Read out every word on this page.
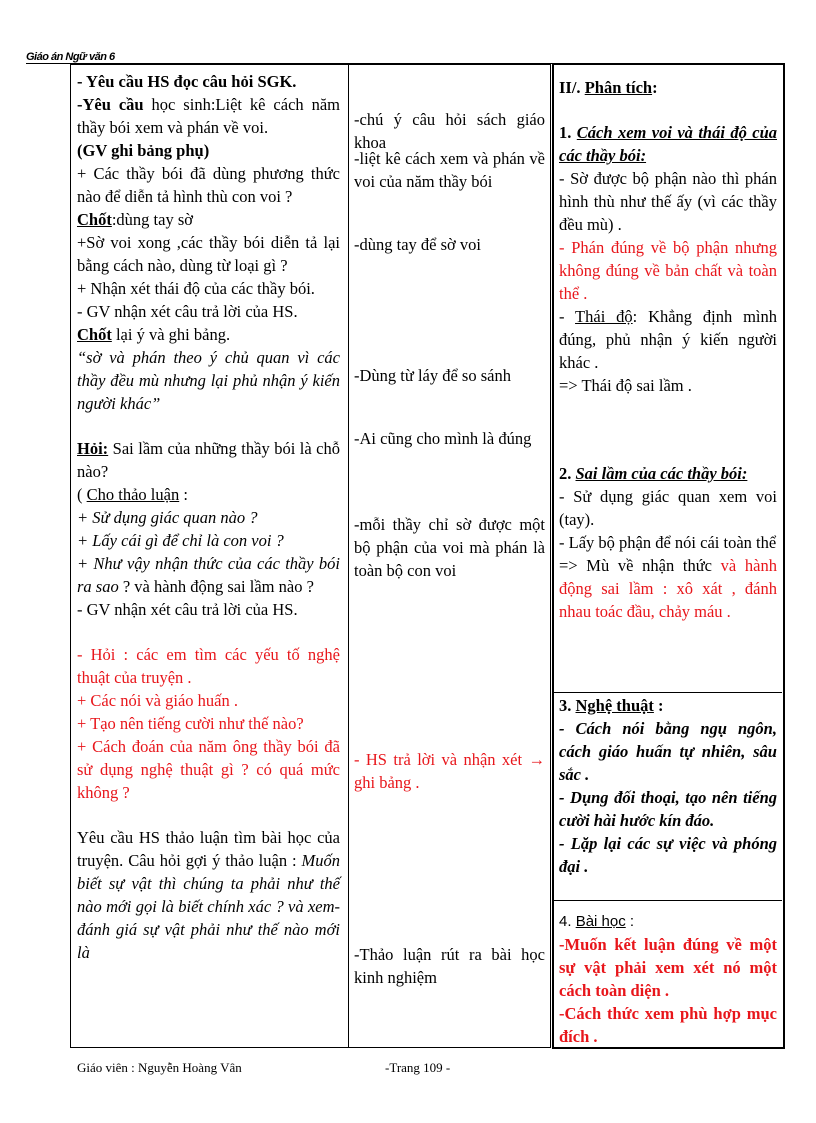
Giáo án Ngữ văn 6

- Yêu cầu HS đọc câu hỏi SGK.

-Yêu cầu học sinh:Liệt kê cách năm thầy bói xem và phán về voi.

(GV ghi bảng phụ)

+ Các thầy bói đã dùng phương thức nào để diễn tả hình thù con voi ?

Chốt:dùng tay sờ

+Sờ voi xong ,các thầy bói diễn tả lại bằng cách nào, dùng từ loại gì ?

+ Nhận xét thái độ của các thầy bói.

- GV nhận xét câu trả lời của HS.

Chốt lại ý và ghi bảng.

“sờ và phán theo ý chủ quan vì các thầy đều mù nhưng lại phủ nhận ý kiến người khác”

Hỏi: Sai lầm của những thầy bói là chỗ nào?

( Cho thảo luận :

+ Sử dụng giác quan nào ?

+ Lấy cái gì để chỉ là con voi ?

+ Như vậy nhận thức của các thầy bói ra sao ? và hành động sai lầm nào ?

- GV nhận xét câu trả lời của HS.

- Hỏi : các em tìm các yếu tố nghệ thuật của truyện .

+ Các nói và giáo huấn .

+ Tạo nên tiếng cười như thế nào?

+ Cách đoán của năm ông thầy bói đã sử dụng nghệ thuật gì ? có quá mức không ?

Yêu cầu HS thảo luận tìm bài học của truyện. Câu hỏi gợi ý thảo luận : Muốn biết sự vật thì chúng ta phải như thế nào mới gọi là biết chính xác ? và xem-đánh giá sự vật phải như thế nào mới là

-chú ý câu hỏi sách giáo khoa
-liệt kê cách xem và phán về voi của năm thầy bói
-dùng tay để sờ voi
-Dùng từ láy để so sánh
-Ai cũng cho mình là đúng
-mỗi thầy chỉ sờ được một bộ phận của voi mà phán là toàn bộ con voi
- HS trả lời và nhận xét → ghi bảng .
-Thảo luận rút ra bài học kinh nghiệm
II/. Phân tích:

1. Cách xem voi và thái độ của các thầy bói:

- Sờ được bộ phận nào thì phán hình thù như thế ấy (vì các thầy đều mù) .

- Phán đúng về bộ phận nhưng không đúng về bản chất và toàn thể .

- Thái độ: Khẳng định mình đúng, phủ nhận ý kiến người khác .

=> Thái độ sai lầm .

2. Sai lầm của các thầy bói:

- Sử dụng giác quan xem voi (tay).

- Lấy bộ phận để nói cái toàn thể

=> Mù về nhận thức và hành động sai lầm : xô xát , đánh nhau toác đầu, chảy máu .

3. Nghệ thuật :

- Cách nói bằng ngụ ngôn, cách giáo huấn tự nhiên, sâu sắc .

- Dụng đối thoại, tạo nên tiếng cười hài hước kín đáo.

- Lặp lại các sự việc và phóng đại .

4. Bài học :

-Muốn kết luận đúng về một sự vật phải xem xét nó một cách toàn diện .

-Cách thức xem phù hợp mục đích .

Giáo viên : Nguyễn Hoàng Vân	-Trang 109 -
